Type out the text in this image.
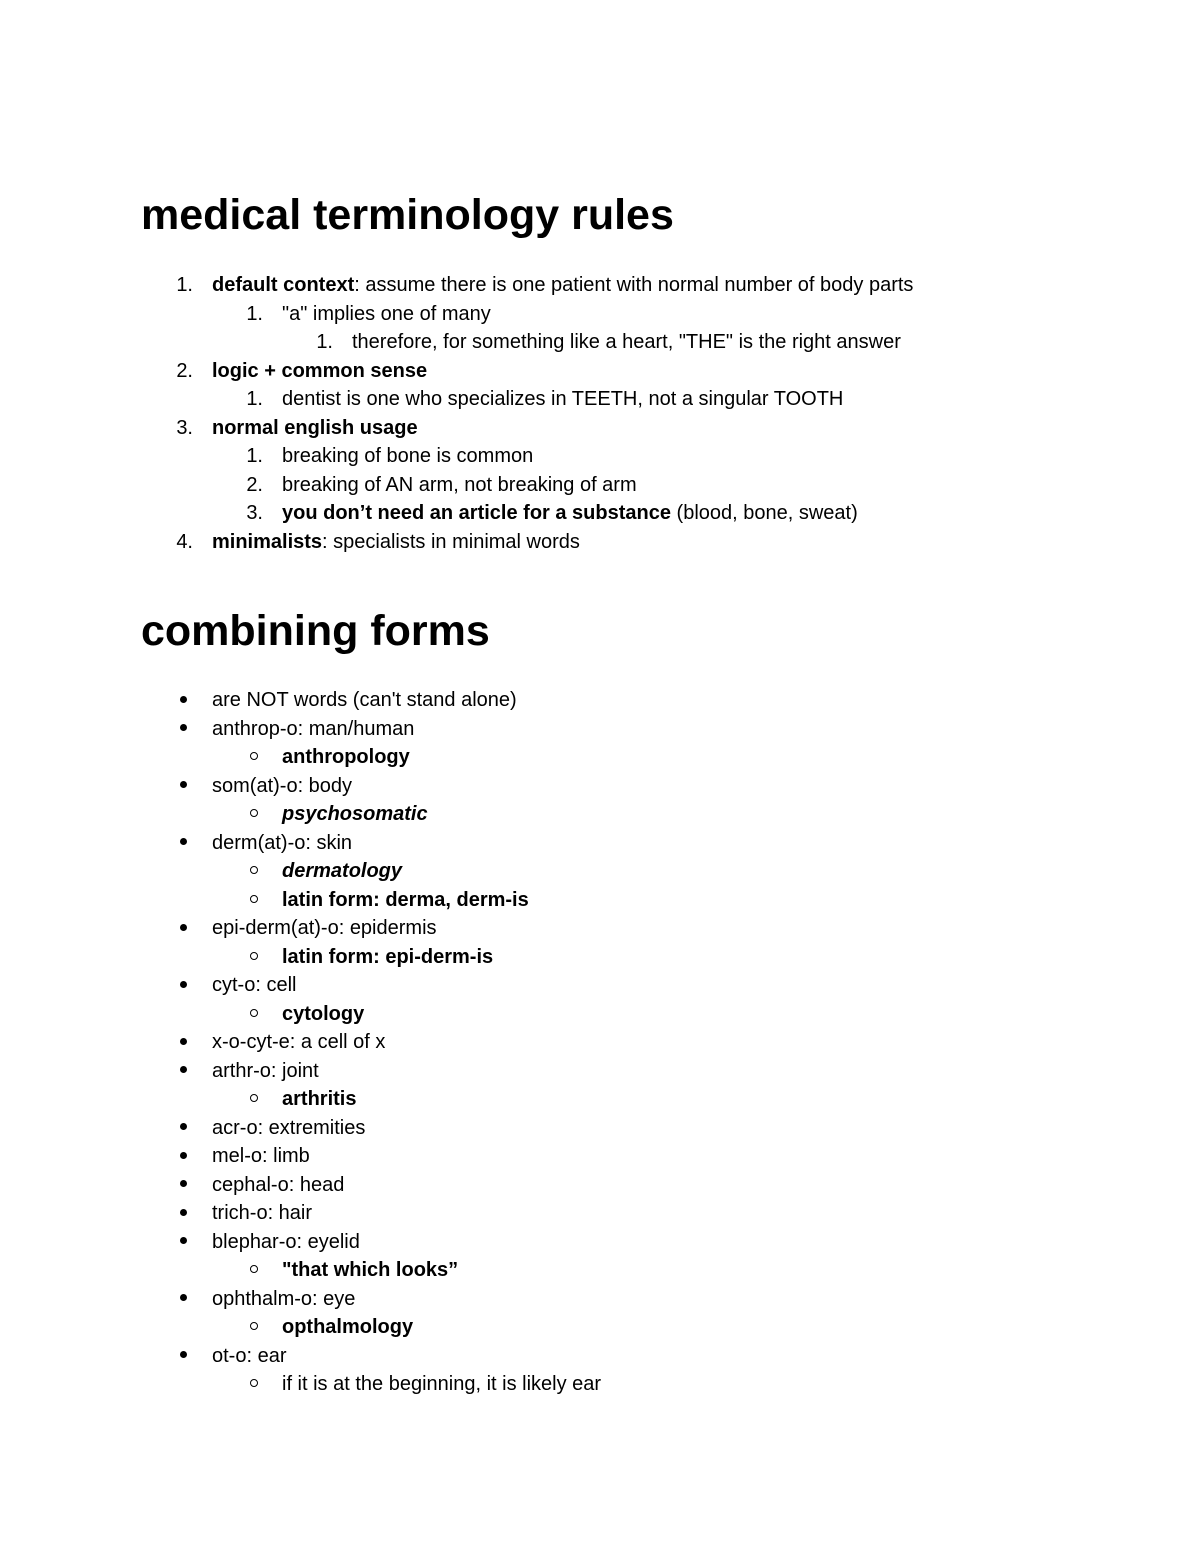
medical terminology rules
1. default context: assume there is one patient with normal number of body parts
1. "a" implies one of many
1. therefore, for something like a heart, "THE" is the right answer
2. logic + common sense
1. dentist is one who specializes in TEETH, not a singular TOOTH
3. normal english usage
1. breaking of bone is common
2. breaking of AN arm, not breaking of arm
3. you don’t need an article for a substance (blood, bone, sweat)
4. minimalists: specialists in minimal words
combining forms
are NOT words (can't stand alone)
anthrop-o: man/human
anthropology
som(at)-o: body
psychosomatic
derm(at)-o: skin
dermatology
latin form: derma, derm-is
epi-derm(at)-o: epidermis
latin form: epi-derm-is
cyt-o: cell
cytology
x-o-cyt-e: a cell of x
arthr-o: joint
arthritis
acr-o: extremities
mel-o: limb
cephal-o: head
trich-o: hair
blephar-o: eyelid
"that which looks”
ophthalm-o: eye
opthalmology
ot-o: ear
if it is at the beginning, it is likely ear
